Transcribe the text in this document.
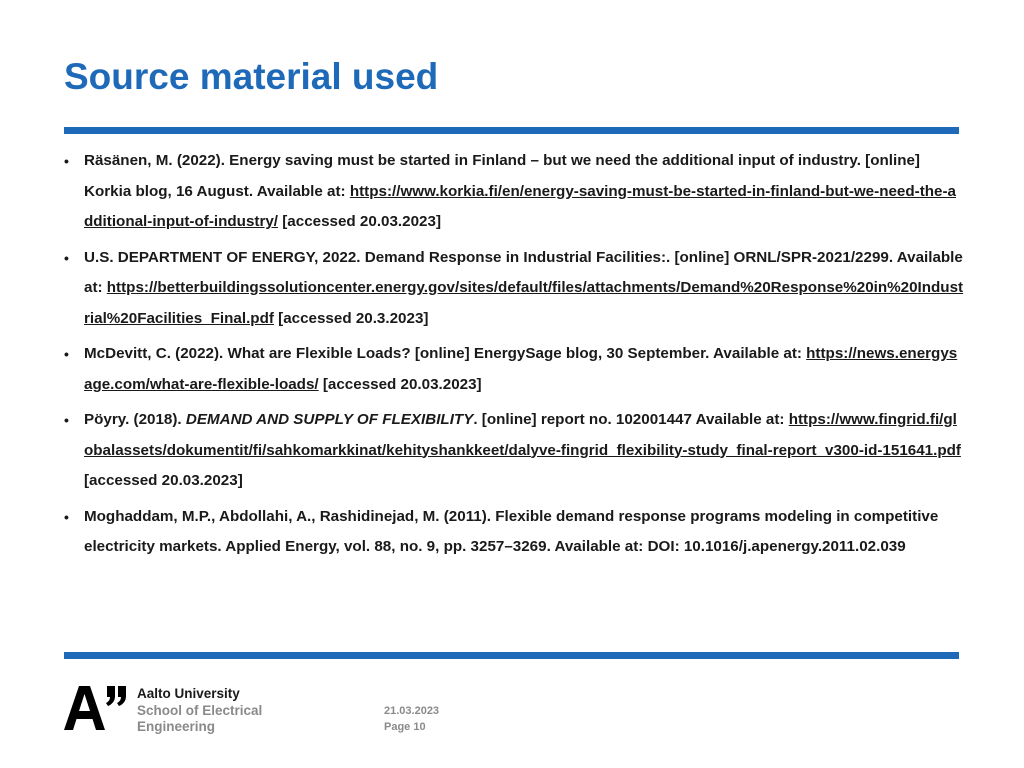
Source material used
• Räsänen, M. (2022). Energy saving must be started in Finland – but we need the additional input of industry. [online] Korkia blog, 16 August. Available at: https://www.korkia.fi/en/energy-saving-must-be-started-in-finland-but-we-need-the-additional-input-of-industry/ [accessed 20.03.2023]
• U.S. DEPARTMENT OF ENERGY, 2022. Demand Response in Industrial Facilities:. [online] ORNL/SPR-2021/2299. Available at: https://betterbuildingssolutioncenter.energy.gov/sites/default/files/attachments/Demand%20Response%20in%20Industrial%20Facilities_Final.pdf [accessed 20.3.2023]
• McDevitt, C. (2022). What are Flexible Loads? [online] EnergySage blog, 30 September. Available at: https://news.energysage.com/what-are-flexible-loads/ [accessed 20.03.2023]
• Pöyry. (2018). DEMAND AND SUPPLY OF FLEXIBILITY. [online] report no. 102001447 Available at: https://www.fingrid.fi/globalassets/dokumentit/fi/sahkomarkkinat/kehityshankkeet/dalyve-fingrid_flexibility-study_final-report_v300-id-151641.pdf [accessed 20.03.2023]
• Moghaddam, M.P., Abdollahi, A., Rashidinejad, M. (2011). Flexible demand response programs modeling in competitive electricity markets. Applied Energy, vol. 88, no. 9, pp. 3257–3269. Available at: DOI: 10.1016/j.apenergy.2011.02.039
Aalto University
School of Electrical
Engineering
21.03.2023
Page 10
